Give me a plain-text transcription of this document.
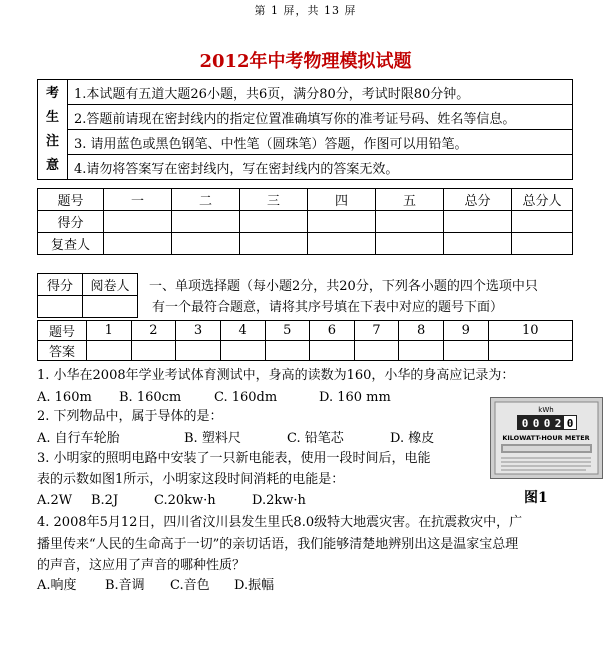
第 1 屏，共 13 屏
2012年中考物理模拟试题
考
生
注
意
	1.本试题有五道大题26小题，共6页，满分80分，考试时限80分钟。
2.答题前请现在密封线内的指定位置准确填写你的准考证号码、姓名等信息。
3. 请用蓝色或黑色钢笔、中性笔（圆珠笔）答题，作图可以用铅笔。
4.请勿将答案写在密封线内，写在密封线内的答案无效。
题号	一	二	三	四	五	总分	总分人
得分							
复查人							
得分	阅卷人
	一、单项选择题（每小题2分，共20分，下列各小题的四个选项中只
有一个最符合题意，请将其序号填在下表中对应的题号下面）
题号	1	2	3	4	5	6	7	8	9	10
答案										
1. 小华在2008年学业考试体育测试中，身高的读数为160，小华的身高应记录为：
A. 160m B. 160cm	C. 160dm	D. 160 mm
2. 下列物品中，属于导体的是：
A. 自行车轮胎	B. 塑料尺	C. 铅笔芯	D. 橡皮
3. 小明家的照明电路中安装了一只新电能表，使用一段时间后，电能
表的示数如图1所示，小明家这段时间消耗的电能是：
A.2W B.2J	C.20kw·h	D.2kw·h
kWh
0 0 0 2 0
KILOWATT-HOUR METER
图1
4. 2008年5月12日，四川省汶川县发生里氏8.0级特大地震灾害。在抗震救灾中，广
播里传来“人民的生命高于一切”的亲切话语，我们能够清楚地辨别出这是温家宝总理
的声音，这应用了声音的哪种性质？
A.响度 B.音调 C.音色 D.振幅
